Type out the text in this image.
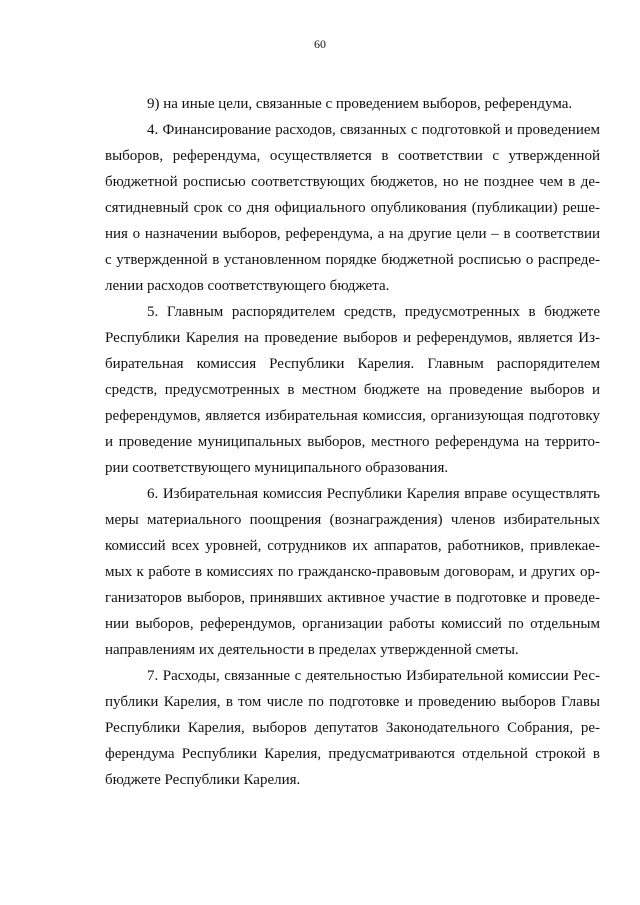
60
9) на иные цели, связанные с проведением выборов, референдума.
4. Финансирование расходов, связанных с подготовкой и проведением
выборов, референдума, осуществляется в соответствии с утвержденной
бюджетной росписью соответствующих бюджетов, но не позднее чем в де-
сятидневный срок со дня официального опубликования (публикации) реше-
ния о назначении выборов, референдума, а на другие цели – в соответствии
с утвержденной в установленном порядке бюджетной росписью о распреде-
лении расходов соответствующего бюджета.
5. Главным распорядителем средств, предусмотренных в бюджете
Республики Карелия на проведение выборов и референдумов, является Из-
бирательная комиссия Республики Карелия. Главным распорядителем
средств, предусмотренных в местном бюджете на проведение выборов и
референдумов, является избирательная комиссия, организующая подготовку
и проведение муниципальных выборов, местного референдума на террито-
рии соответствующего муниципального образования.
6. Избирательная комиссия Республики Карелия вправе осуществлять
меры материального поощрения (вознаграждения) членов избирательных
комиссий всех уровней, сотрудников их аппаратов, работников, привлекае-
мых к работе в комиссиях по гражданско-правовым договорам, и других ор-
ганизаторов выборов, принявших активное участие в подготовке и проведе-
нии выборов, референдумов, организации работы комиссий по отдельным
направлениям их деятельности в пределах утвержденной сметы.
7. Расходы, связанные с деятельностью Избирательной комиссии Рес-
публики Карелия, в том числе по подготовке и проведению выборов Главы
Республики Карелия, выборов депутатов Законодательного Собрания, ре-
ферендума Республики Карелия, предусматриваются отдельной строкой в
бюджете Республики Карелия.
